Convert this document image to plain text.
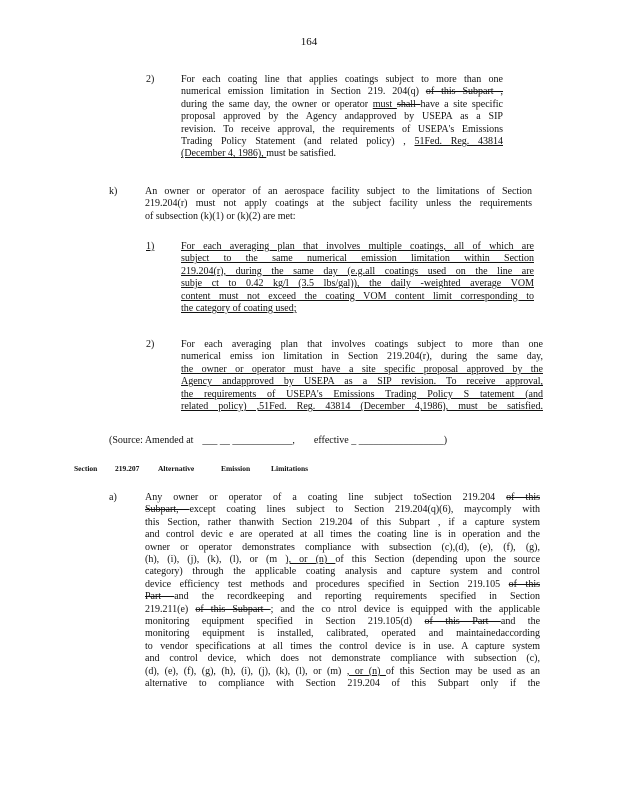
164
2)	For each coating line that applies coatings subject to more than one
numerical emission limitation in Section 219. 204(q) of this Subpart ,
during the same day, the owner or operator must shall have a site specific
proposal approved by the Agency andapproved by USEPA as a SIP
revision. To receive approval, the requirements of USEPA's Emissions
Trading Policy Statement (and related policy) , 51Fed. Reg. 43814
(December 4, 1986), must be satisfied.
k)	An owner or operator of an aerospace facility subject to the limitations of Section
219.204(r) must not apply coatings at the subject facility unless the requirements
of subsection (k)(1) or (k)(2) are met:
1)	For each averaging plan that involves multiple coatings, all of which are
subject to the same numerical emission limitation within Section
219.204(r), during the same day (e.g.all coatings used on the line are
subje ct to 0.42 kg/l (3.5 lbs/gal)), the daily -weighted average VOM
content must not exceed the coating VOM content limit corresponding to
the category of coating used;
2)	For each averaging plan that involves coatings subject to more than one
numerical emiss ion limitation in Section 219.204(r), during the same day,
the owner or operator must have a site specific proposal approved by the
Agency andapproved by USEPA as a SIP revision. To receive approval,
the requirements of USEPA's Emissions Trading Policy S tatement (and
related policy) ,51Fed. Reg. 43814 (December 4,1986), must be satisfied.
(Source: Amended at ___ __ ____________, effective _ _________________)
Section 219.207 Alternative	Emission	Limitations
a)	Any owner or operator of a coating line subject toSection 219.204 of this
Subpart, except coating lines subject to Section 219.204(q)(6), maycomply with
this Section, rather thanwith Section 219.204 of this Subpart , if a capture system
and control devic e are operated at all times the coating line is in operation and the
owner or operator demonstrates compliance with subsection (c),(d), (e), (f), (g),
(h), (i), (j), (k), (l), or (m ), or (n) of this Section (depending upon the source
category) through the applicable coating analysis and capture system and control
device efficiency test methods and procedures specified in Section 219.105 of this
Part and the recordkeeping and reporting requirements specified in Section
219.211(e) of this Subpart ; and the co ntrol device is equipped with the applicable
monitoring equipment specified in Section 219.105(d) of this Part and the
monitoring equipment is installed, calibrated, operated and maintainedaccording
to vendor specifications at all times the control device is in use. A capture system
and control device, which does not demonstrate compliance with subsection (c),
(d), (e), (f), (g), (h), (i), (j), (k), (l), or (m) , or (n) of this Section may be used as an
alternative to compliance with Section 219.204 of this Subpart only if the
